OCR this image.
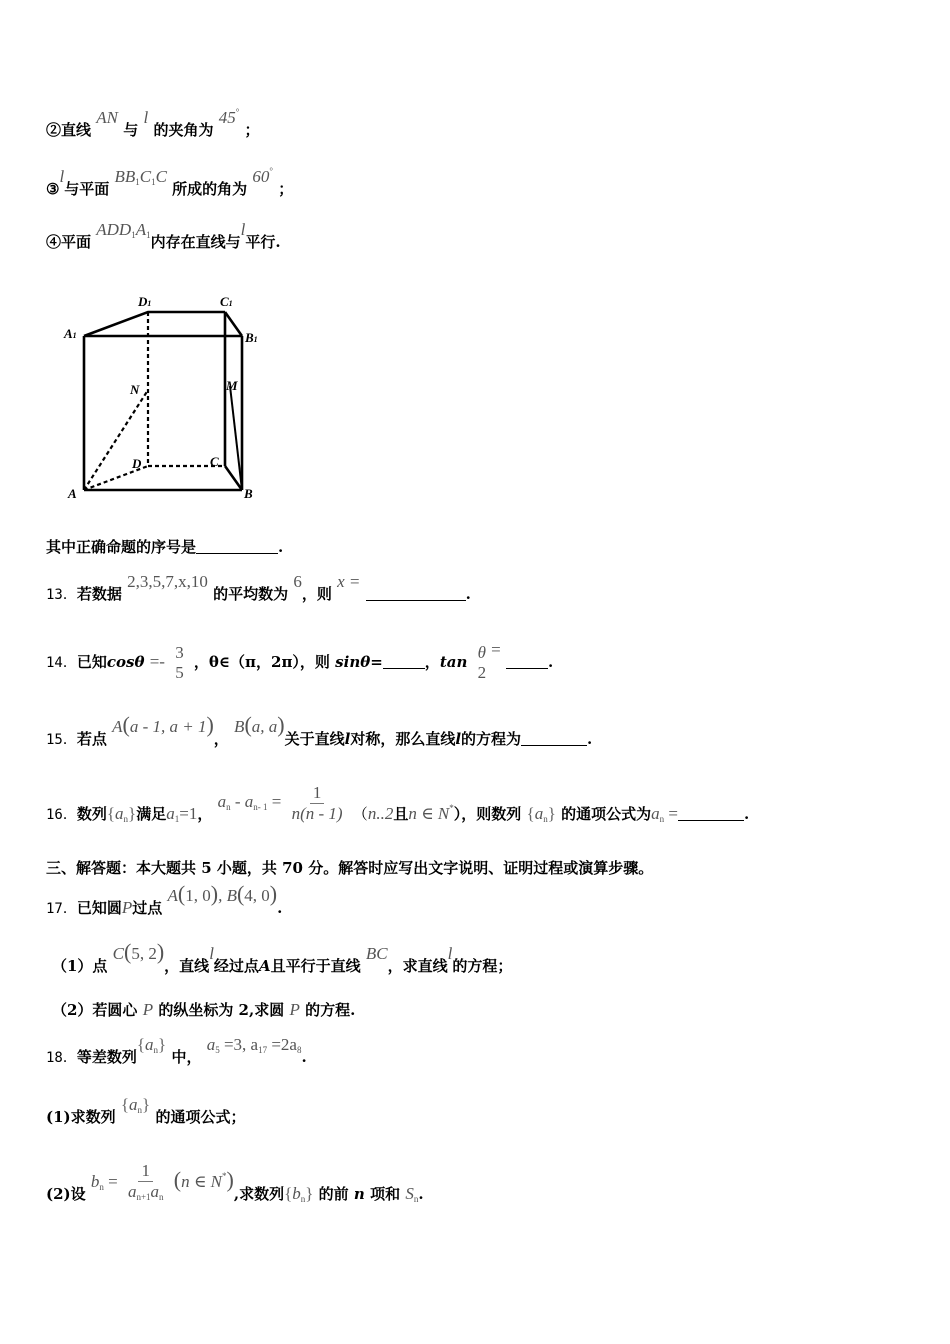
②直线 AN 与 l 的夹角为 45° ；
③l与平面 $BB_1C_1C$ 所成的角为 60° ；
④平面 $ADD_1A_1$内存在直线与l平行.
D1	C1
A1	B1
N	M
D	C
A	B
其中正确命题的序号是	.
13．若数据 2,3,5,7,x,10 的平均数为 6，则 x = .
14．已知cosθ =- 3
5
，θ∈（π，2π），则 sinθ=	，tan θ
2
= .
15．若点 A(a - 1, a + 1)， B(a, a)关于直线l对称，那么直线l的方程为	.
16．数列$\{a_n\}$满足$a_1=1$， $a_n - a_{n- 1} = \frac{1}{n(n - 1)} (n..2$且n ∈ N*），则数列 $\{a_n\}$ 的通项公式为$a_n$ =	.
三、解答题：本大题共 5 小题，共 70 分。解答时应写出文字说明、证明过程或演算步骤。
17．已知圆P过点 A(1, 0), B(4, 0).
（1）点 C(5, 2)，直线l经过点A且平行于直线 BC，求直线l的方程；
（2）若圆心 P 的纵坐标为 2,求圆 P 的方程.
18．等差数列$\{a_n\}$ 中， $a_5 =3$, $a_{17} =2a_8$.
(1)求数列 $\{a_n\}$ 的通项公式；
(2)设 $b_n = \frac{1}{a_{n+1}a_n} (n$ ∈ N*),求数列$\{b_n\}$ 的前 n 项和 $S_n$.
